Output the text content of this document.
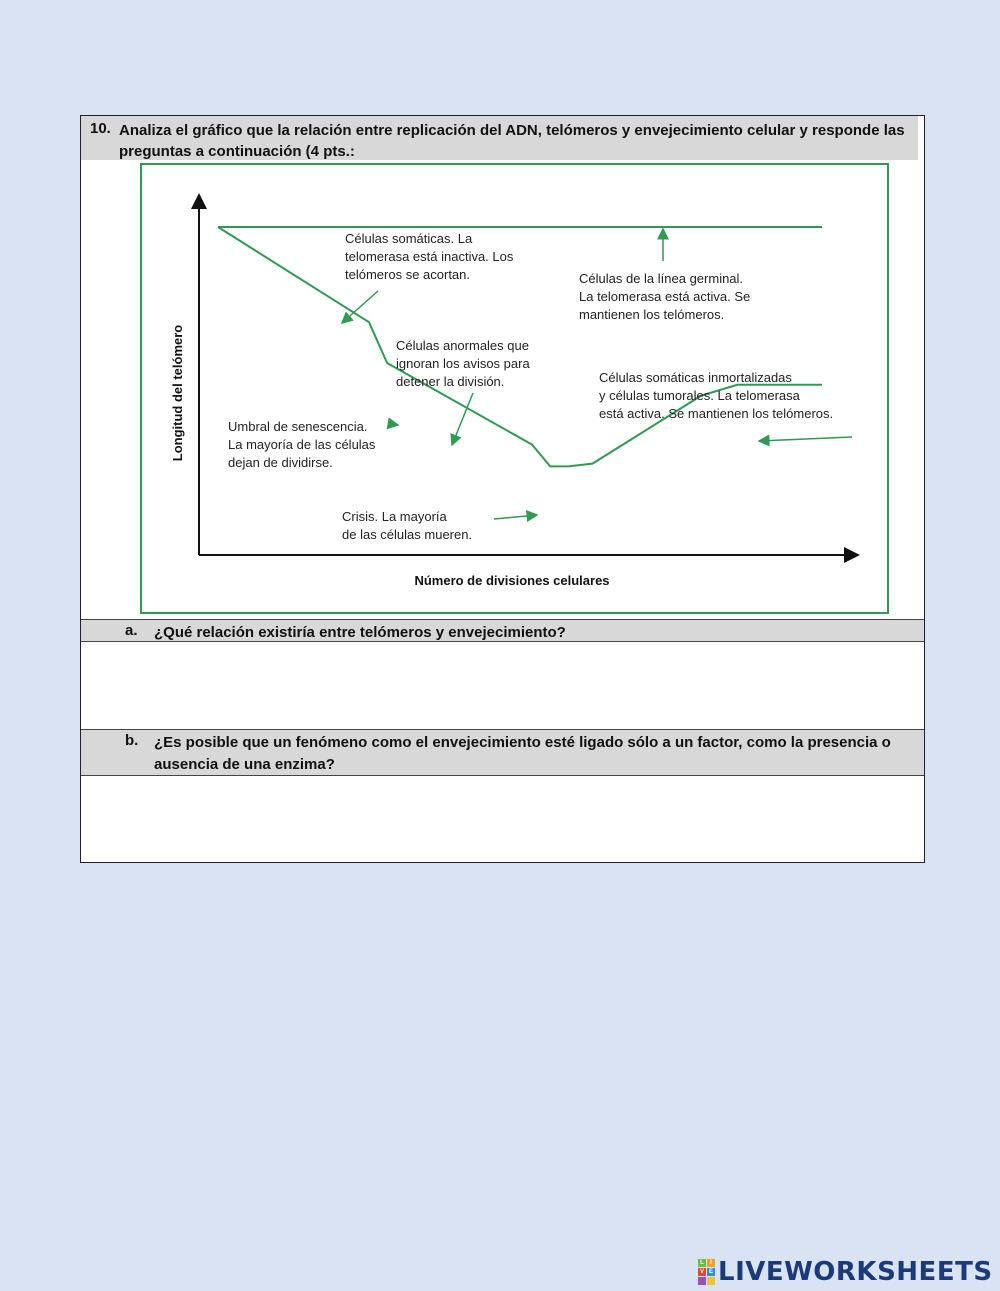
10. Analiza el gráfico que la relación entre replicación del ADN, telómeros y envejecimiento celular y responde las preguntas a continuación (4 pts.:
Número de divisiones celulares
Longitud del telómero
Células somáticas. La telomerasa está inactiva. Los telómeros se acortan.	Células de la línea germinal. La telomerasa está activa. Se mantienen los telómeros.
Células anormales que ignoran los avisos para detener la división.	Células somáticas inmortalizadas y células tumorales. La telomerasa está activa. Se mantienen los telómeros.
Umbral de senescencia. La mayoría de las células dejan de dividirse.
Crisis. La mayoría de las células mueren.
a. ¿Qué relación existiría entre telómeros y envejecimiento?
b. ¿Es posible que un fenómeno como el envejecimiento esté ligado sólo a un factor, como la presencia o ausencia de una enzima?
L	I
V E LIVEWORKSHEETS
